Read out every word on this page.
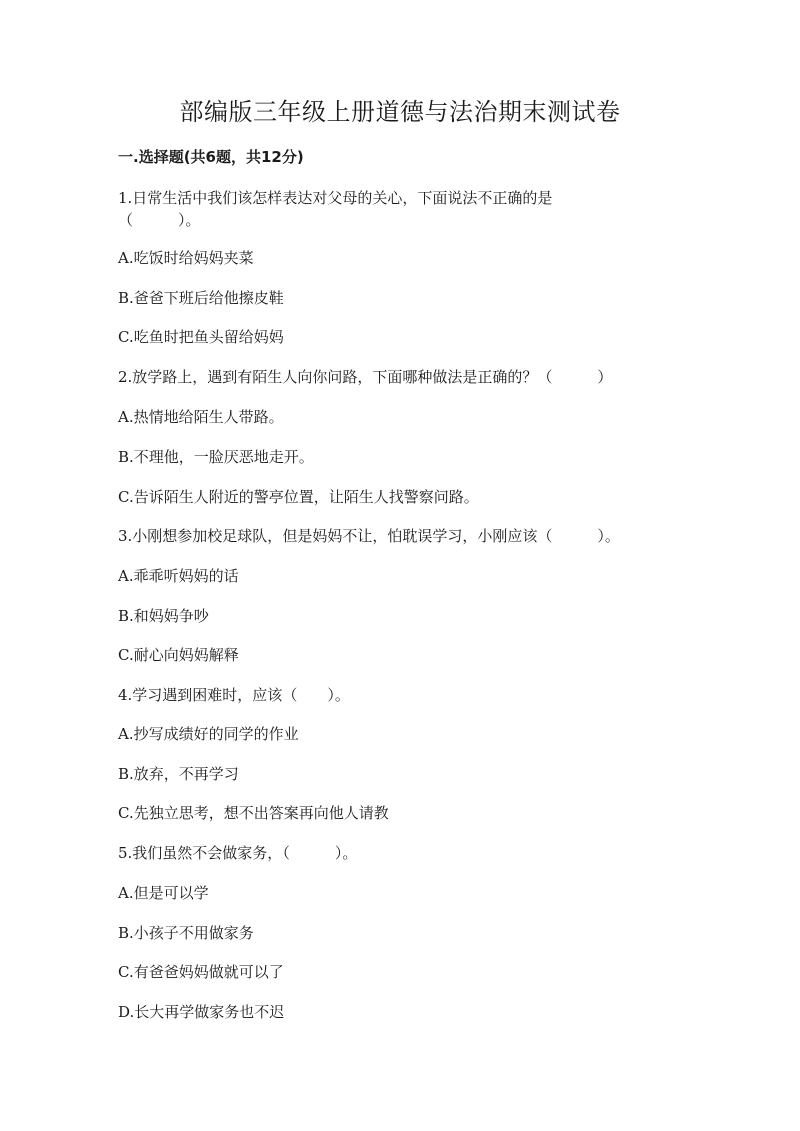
部编版三年级上册道德与法治期末测试卷
一.选择题(共6题，共12分)
1.日常生活中我们该怎样表达对父母的关心，下面说法不正确的是
（　　　）。
A.吃饭时给妈妈夹菜
B.爸爸下班后给他擦皮鞋
C.吃鱼时把鱼头留给妈妈
2.放学路上，遇到有陌生人向你问路，下面哪种做法是正确的？（　　　）
A.热情地给陌生人带路。
B.不理他，一脸厌恶地走开。
C.告诉陌生人附近的警亭位置，让陌生人找警察问路。
3.小刚想参加校足球队，但是妈妈不让，怕耽误学习，小刚应该（　　　）。
A.乖乖听妈妈的话
B.和妈妈争吵
C.耐心向妈妈解释
4.学习遇到困难时，应该（　　）。
A.抄写成绩好的同学的作业
B.放弃，不再学习
C.先独立思考，想不出答案再向他人请教
5.我们虽然不会做家务，（　　　）。
A.但是可以学
B.小孩子不用做家务
C.有爸爸妈妈做就可以了
D.长大再学做家务也不迟
